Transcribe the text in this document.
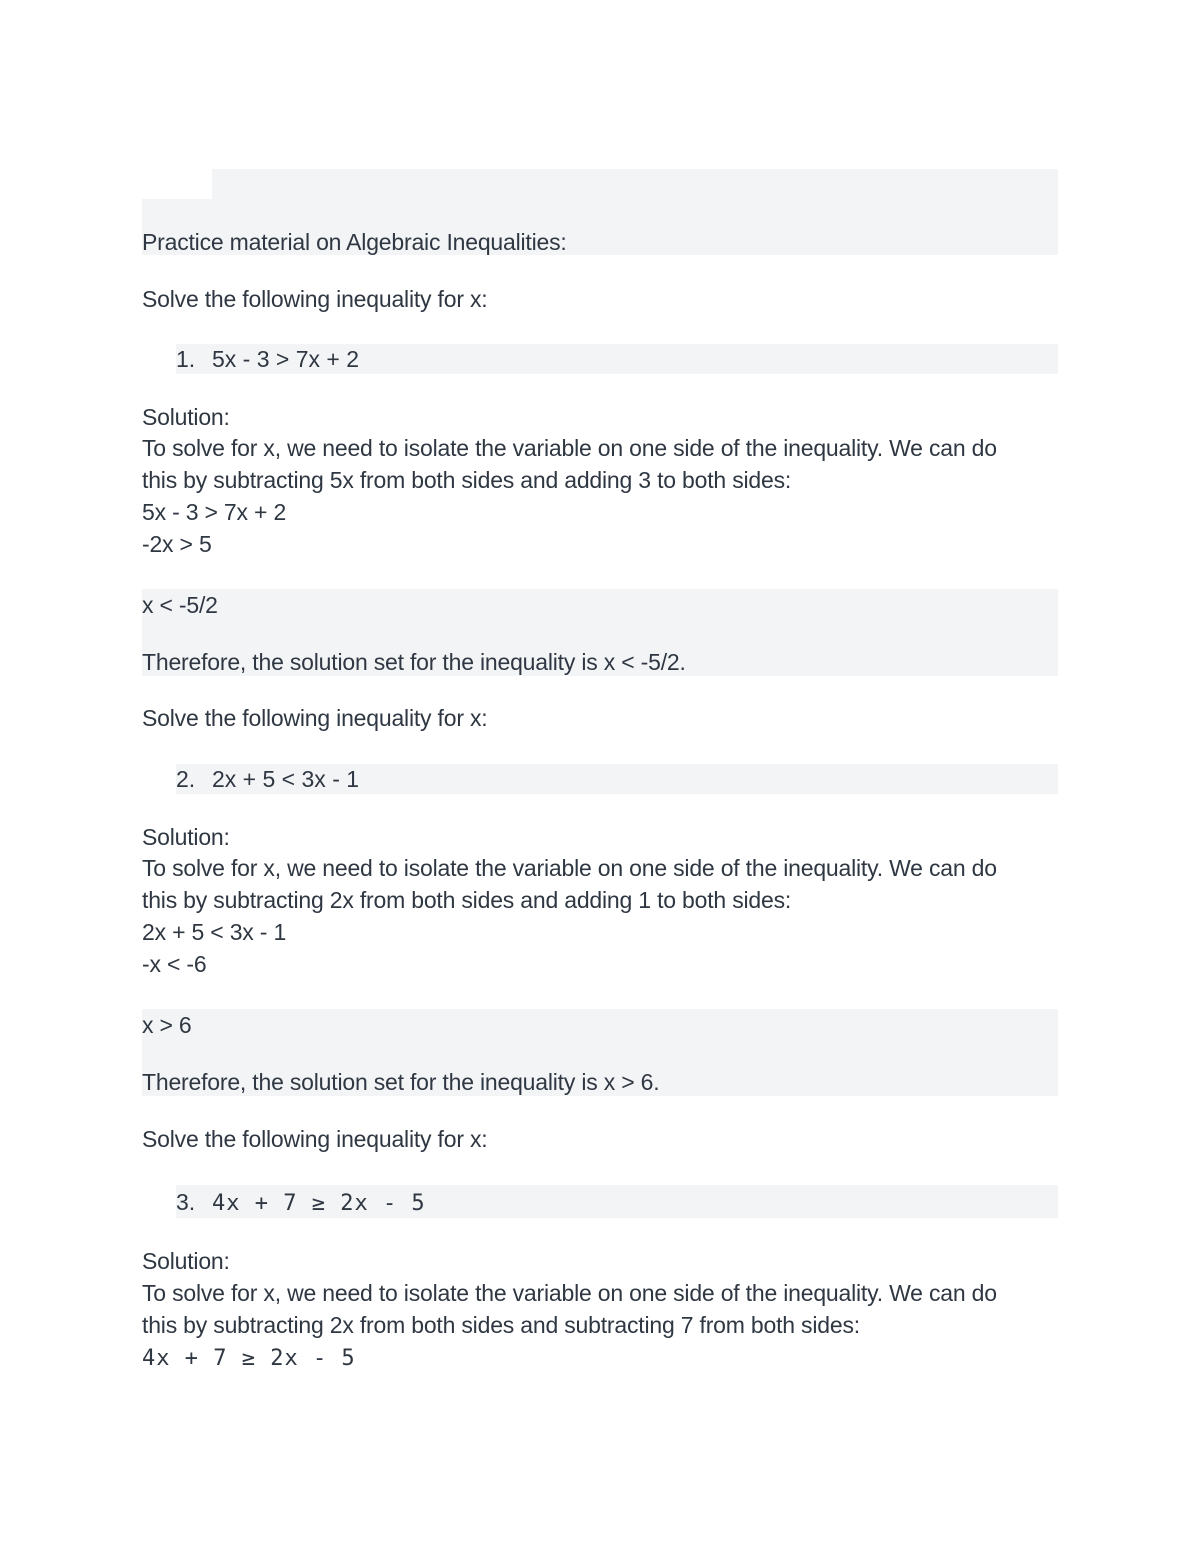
Practice material on Algebraic Inequalities:
Solve the following inequality for x:
1. 5x - 3 > 7x + 2
Solution:
To solve for x, we need to isolate the variable on one side of the inequality. We can do
this by subtracting 5x from both sides and adding 3 to both sides:
5x - 3 > 7x + 2
-2x > 5
x < -5/2
Therefore, the solution set for the inequality is x < -5/2.
Solve the following inequality for x:
2. 2x + 5 < 3x - 1
Solution:
To solve for x, we need to isolate the variable on one side of the inequality. We can do
this by subtracting 2x from both sides and adding 1 to both sides:
2x + 5 < 3x - 1
-x < -6
x > 6
Therefore, the solution set for the inequality is x > 6.
Solve the following inequality for x:
3. 4x + 7 ≥ 2x - 5
Solution:
To solve for x, we need to isolate the variable on one side of the inequality. We can do
this by subtracting 2x from both sides and subtracting 7 from both sides:
4x + 7 ≥ 2x - 5
